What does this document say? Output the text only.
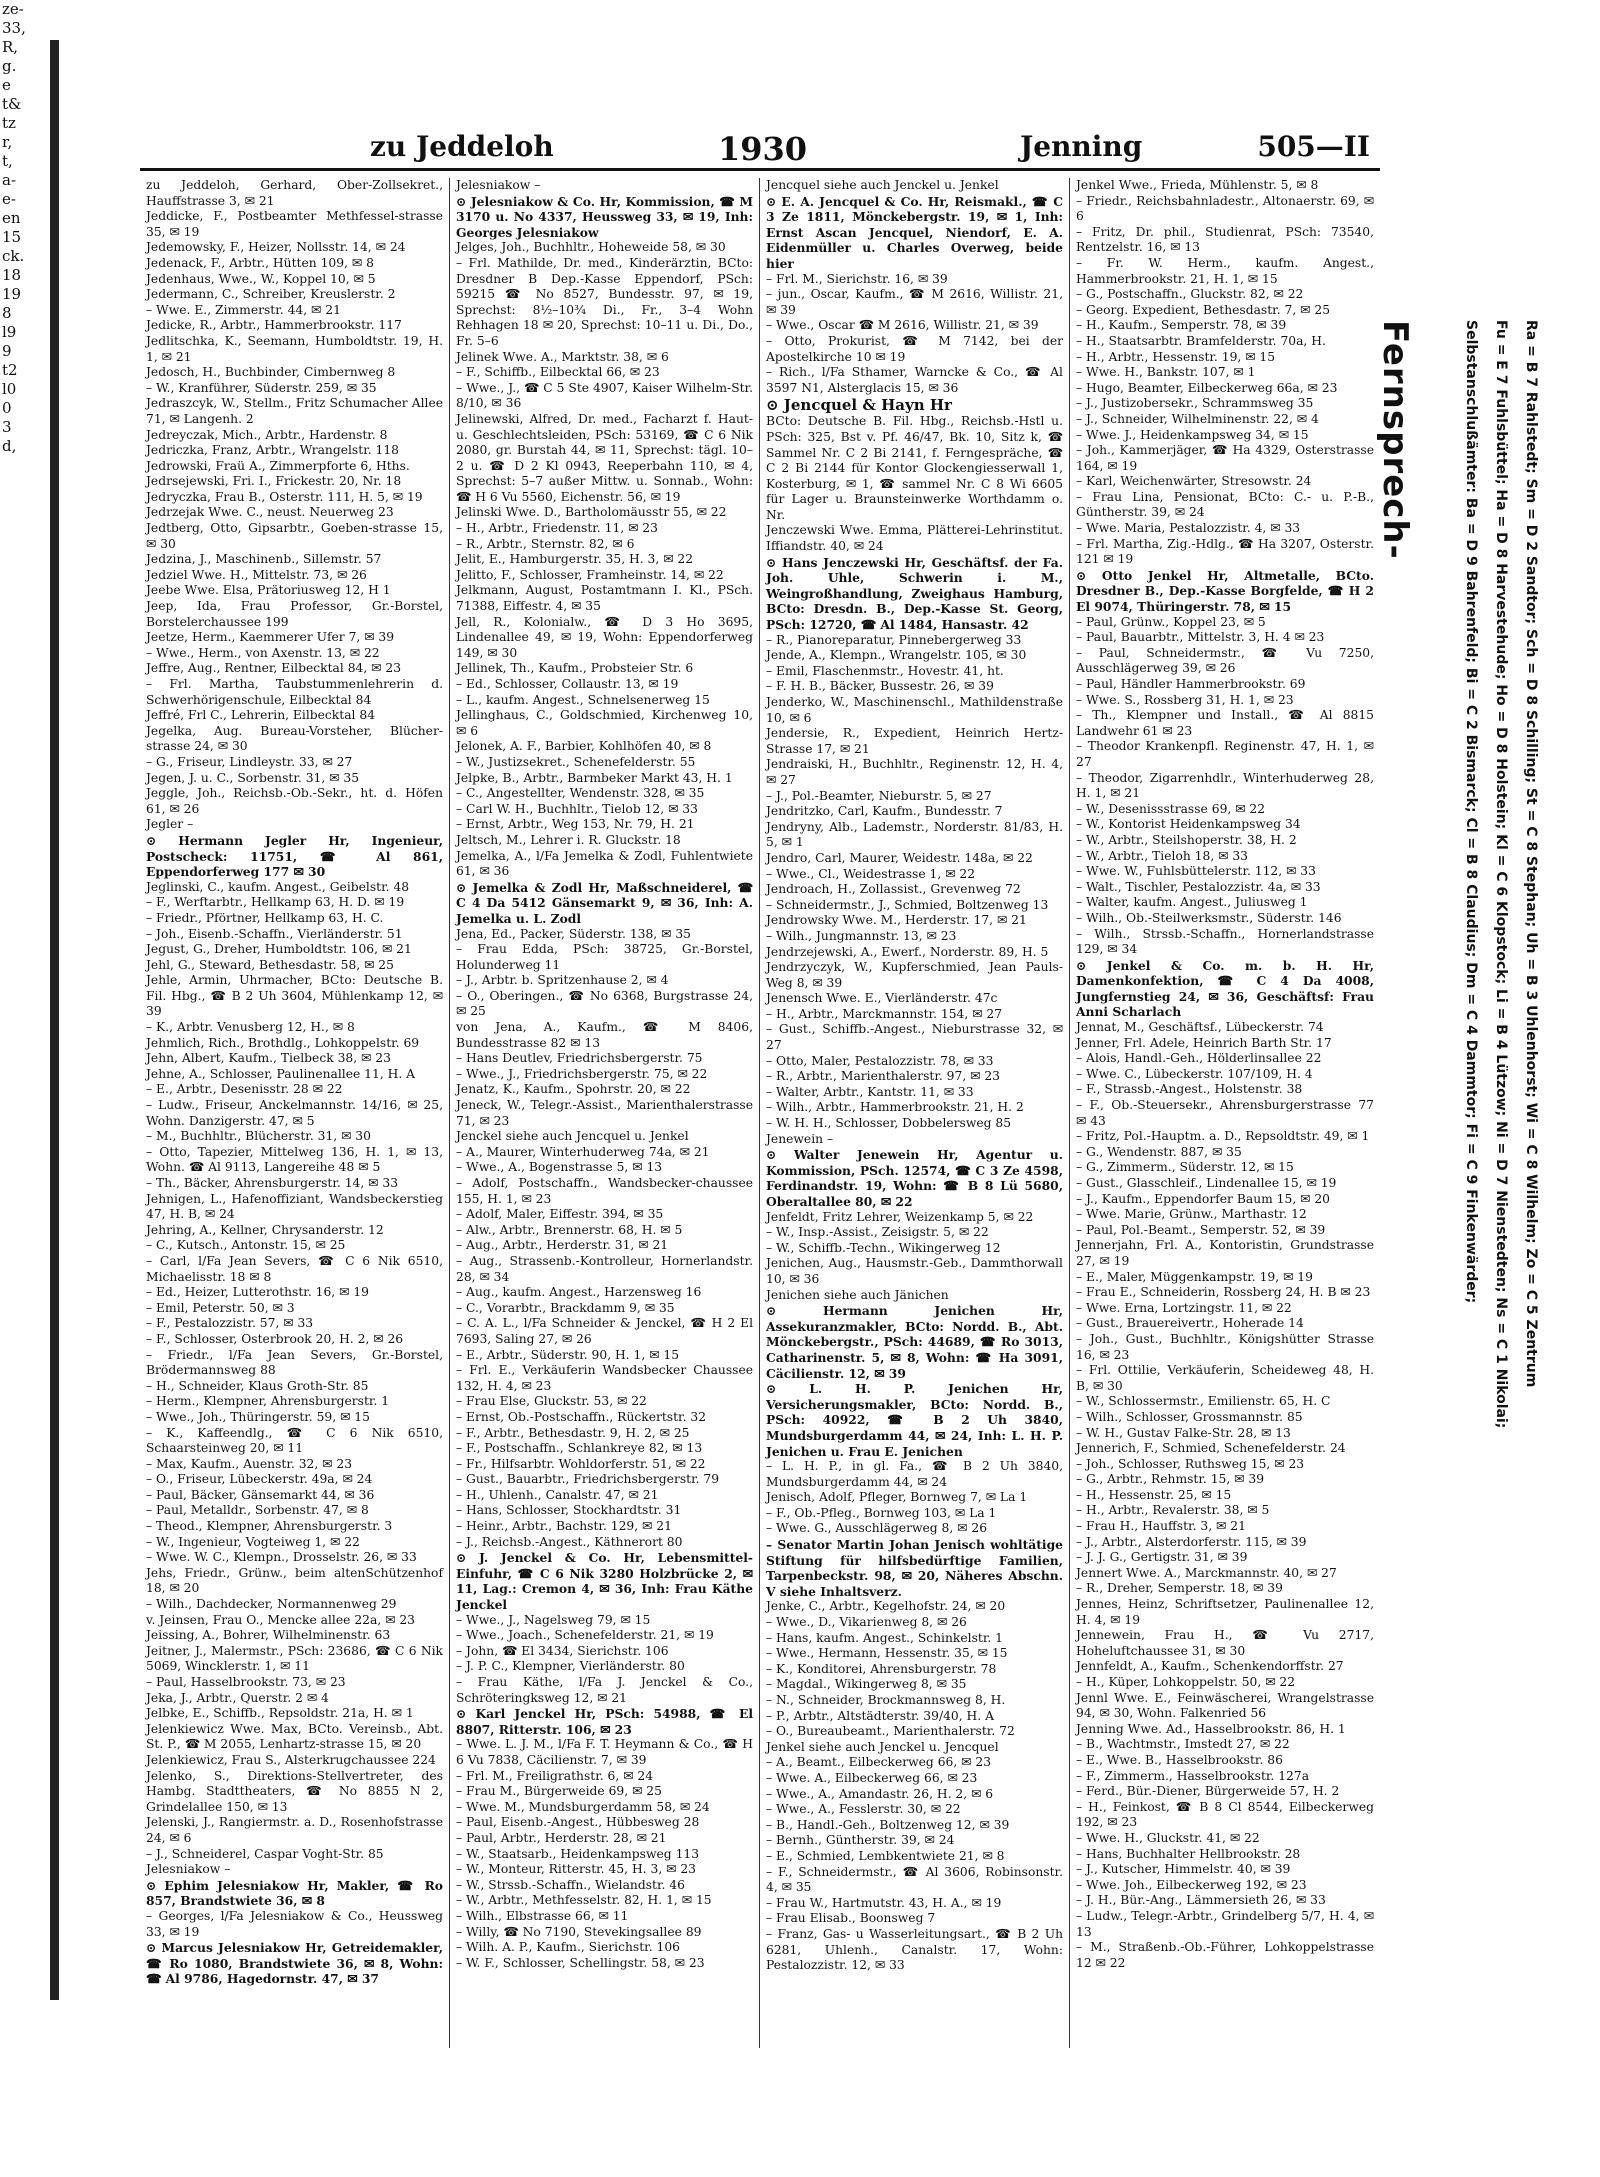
ze-
33,
R,
g.
e
t&
tz
r,
t,
a-
e-
en
15
ck.
18
19
8
l9
9
t2
l0
0
3
d,
zu Jeddeloh	1930	Jenning	505—II

zu Jeddeloh, Gerhard, Ober-Zollsekret., Hauffstrasse 3, ✉ 21

Jeddicke, F., Postbeamter Methfessel-strasse 35, ✉ 19

Jedemowsky, F., Heizer, Nollsstr. 14, ✉ 24

Jedenack, F., Arbtr., Hütten 109, ✉ 8

Jedenhaus, Wwe., W., Koppel 10, ✉ 5

Jedermann, C., Schreiber, Kreuslerstr. 2

– Wwe. E., Zimmerstr. 44, ✉ 21

Jedicke, R., Arbtr., Hammerbrookstr. 117

Jedlitschka, K., Seemann, Humboldtstr. 19, H. 1, ✉ 21

Jedosch, H., Buchbinder, Cimbernweg 8

– W., Kranführer, Süderstr. 259, ✉ 35

Jedraszcyk, W., Stellm., Fritz Schumacher Allee 71, ✉ Langenh. 2

Jedreyczak, Mich., Arbtr., Hardenstr. 8

Jedriczka, Franz, Arbtr., Wrangelstr. 118

Jedrowski, Fraü A., Zimmerpforte 6, Hths.

Jedrsejewski, Fri. I., Frickestr. 20, Nr. 18

Jedryczka, Frau B., Osterstr. 111, H. 5, ✉ 19

Jedrzejak Wwe. C., neust. Neuerweg 23

Jedtberg, Otto, Gipsarbtr., Goeben-strasse 15, ✉ 30

Jedzina, J., Maschinenb., Sillemstr. 57

Jedziel Wwe. H., Mittelstr. 73, ✉ 26

Jeebe Wwe. Elsa, Prätoriusweg 12, H 1

Jeep, Ida, Frau Professor, Gr.-Borstel, Borstelerchaussee 199

Jeetze, Herm., Kaemmerer Ufer 7, ✉ 39

– Wwe., Herm., von Axenstr. 13, ✉ 22

Jeffre, Aug., Rentner, Eilbecktal 84, ✉ 23

– Frl. Martha, Taubstummenlehrerin d. Schwerhörigenschule, Eilbecktal 84

Jeffré, Frl C., Lehrerin, Eilbecktal 84

Jegelka, Aug. Bureau-Vorsteher, Blücher-strasse 24, ✉ 30

– G., Friseur, Lindleystr. 33, ✉ 27

Jegen, J. u. C., Sorbenstr. 31, ✉ 35

Jeggle, Joh., Reichsb.-Ob.-Sekr., ht. d. Höfen 61, ✉ 26

Jegler –

⊙ Hermann Jegler Hr, Ingenieur, Postscheck: 11751, ☎ Al 861, Eppendorferweg 177 ✉ 30

Jeglinski, C., kaufm. Angest., Geibelstr. 48

– F., Werftarbtr., Hellkamp 63, H. D. ✉ 19

– Friedr., Pförtner, Hellkamp 63, H. C.

– Joh., Eisenb.-Schaffn., Vierländerstr. 51

Jegust, G., Dreher, Humboldtstr. 106, ✉ 21

Jehl, G., Steward, Bethesdastr. 58, ✉ 25

Jehle, Armin, Uhrmacher, BCto: Deutsche B. Fil. Hbg., ☎ B 2 Uh 3604, Mühlenkamp 12, ✉ 39

– K., Arbtr. Venusberg 12, H., ✉ 8

Jehmlich, Rich., Brothdlg., Lohkoppelstr. 69

Jehn, Albert, Kaufm., Tielbeck 38, ✉ 23

Jehne, A., Schlosser, Paulinenallee 11, H. A

– E., Arbtr., Desenisstr. 28 ✉ 22

– Ludw., Friseur, Anckelmannstr. 14/16, ✉ 25, Wohn. Danzigerstr. 47, ✉ 5

– M., Buchhltr., Blücherstr. 31, ✉ 30

– Otto, Tapezier, Mittelweg 136, H. 1, ✉ 13, Wohn. ☎ Al 9113, Langereihe 48 ✉ 5

– Th., Bäcker, Ahrensburgerstr. 14, ✉ 33

Jehnigen, L., Hafenoffiziant, Wandsbeckerstieg 47, H. B, ✉ 24

Jehring, A., Kellner, Chrysanderstr. 12

– C., Kutsch., Antonstr. 15, ✉ 25

– Carl, l/Fa Jean Severs, ☎ C 6 Nik 6510, Michaelisstr. 18 ✉ 8

– Ed., Heizer, Lutterothstr. 16, ✉ 19

– Emil, Peterstr. 50, ✉ 3

– F., Pestalozzistr. 57, ✉ 33

– F., Schlosser, Osterbrook 20, H. 2, ✉ 26

– Friedr., l/Fa Jean Severs, Gr.-Borstel, Brödermannsweg 88

– H., Schneider, Klaus Groth-Str. 85

– Herm., Klempner, Ahrensburgerstr. 1

– Wwe., Joh., Thüringerstr. 59, ✉ 15

– K., Kaffeendlg., ☎ C 6 Nik 6510, Schaarsteinweg 20, ✉ 11

– Max, Kaufm., Auenstr. 32, ✉ 23

– O., Friseur, Lübeckerstr. 49a, ✉ 24

– Paul, Bäcker, Gänsemarkt 44, ✉ 36

– Paul, Metalldr., Sorbenstr. 47, ✉ 8

– Theod., Klempner, Ahrensburgerstr. 3

– W., Ingenieur, Vogteiweg 1, ✉ 22

– Wwe. W. C., Klempn., Drosselstr. 26, ✉ 33

Jehs, Friedr., Grünw., beim altenSchützenhof 18, ✉ 20

– Wilh., Dachdecker, Normannenweg 29

v. Jeinsen, Frau O., Mencke allee 22a, ✉ 23

Jeissing, A., Bohrer, Wilhelminenstr. 63

Jeitner, J., Malermstr., PSch: 23686, ☎ C 6 Nik 5069, Wincklerstr. 1, ✉ 11

– Paul, Hasselbrookstr. 73, ✉ 23

Jeka, J., Arbtr., Querstr. 2 ✉ 4

Jelbke, E., Schiffb., Repsoldstr. 21a, H. ✉ 1

Jelenkiewicz Wwe. Max, BCto. Vereinsb., Abt. St. P., ☎ M 2055, Lenhartz-strasse 15, ✉ 20

Jelenkiewicz, Frau S., Alsterkrugchaussee 224

Jelenko, S., Direktions-Stellvertreter, des Hambg. Stadttheaters, ☎ No 8855 N 2, Grindelallee 150, ✉ 13

Jelenski, J., Rangiermstr. a. D., Rosenhofstrasse 24, ✉ 6

– J., Schneiderel, Caspar Voght-Str. 85

Jelesniakow –

⊙ Ephim Jelesniakow Hr, Makler, ☎ Ro 857, Brandstwiete 36, ✉ 8

– Georges, l/Fa Jelesniakow & Co., Heussweg 33, ✉ 19

⊙ Marcus Jelesniakow Hr, Getreidemakler, ☎ Ro 1080, Brandstwiete 36, ✉ 8, Wohn: ☎ Al 9786, Hagedornstr. 47, ✉ 37

Jelesniakow –

⊙ Jelesniakow & Co. Hr, Kommission, ☎ M 3170 u. No 4337, Heussweg 33, ✉ 19, Inh: Georges Jelesniakow

Jelges, Joh., Buchhltr., Hoheweide 58, ✉ 30

– Frl. Mathilde, Dr. med., Kinderärztin, BCto: Dresdner B Dep.-Kasse Eppendorf, PSch: 59215 ☎ No 8527, Bundesstr. 97, ✉ 19, Sprechst: 8½–10¾ Di., Fr., 3–4 Wohn Rehhagen 18 ✉ 20, Sprechst: 10–11 u. Di., Do., Fr. 5–6

Jelinek Wwe. A., Marktstr. 38, ✉ 6

– F., Schiffb., Eilbecktal 66, ✉ 23

– Wwe., J., ☎ C 5 Ste 4907, Kaiser Wilhelm-Str. 8/10, ✉ 36

Jelinewski, Alfred, Dr. med., Facharzt f. Haut- u. Geschlechtsleiden, PSch: 53169, ☎ C 6 Nik 2080, gr. Burstah 44, ✉ 11, Sprechst: tägl. 10–2 u. ☎ D 2 Kl 0943, Reeperbahn 110, ✉ 4, Sprechst: 5–7 außer Mittw. u. Sonnab., Wohn: ☎ H 6 Vu 5560, Eichenstr. 56, ✉ 19

Jelinski Wwe. D., Bartholomäusstr 55, ✉ 22

– H., Arbtr., Friedenstr. 11, ✉ 23

– R., Arbtr., Sternstr. 82, ✉ 6

Jelit, E., Hamburgerstr. 35, H. 3, ✉ 22

Jelitto, F., Schlosser, Framheinstr. 14, ✉ 22

Jelkmann, August, Postamtmann I. Kl., PSch. 71388, Eiffestr. 4, ✉ 35

Jell, R., Kolonialw., ☎ D 3 Ho 3695, Lindenallee 49, ✉ 19, Wohn: Eppendorferweg 149, ✉ 30

Jellinek, Th., Kaufm., Probsteier Str. 6

– Ed., Schlosser, Collaustr. 13, ✉ 19

– L., kaufm. Angest., Schnelsenerweg 15

Jellinghaus, C., Goldschmied, Kirchenweg 10, ✉ 6

Jelonek, A. F., Barbier, Kohlhöfen 40, ✉ 8

– W., Justizsekret., Schenefelderstr. 55

Jelpke, B., Arbtr., Barmbeker Markt 43, H. 1

– C., Angestellter, Wendenstr. 328, ✉ 35

– Carl W. H., Buchhltr., Tielob 12, ✉ 33

– Ernst, Arbtr., Weg 153, Nr. 79, H. 21

Jeltsch, M., Lehrer i. R. Gluckstr. 18

Jemelka, A., l/Fa Jemelka & Zodl, Fuhlentwiete 61, ✉ 36

⊙ Jemelka & Zodl Hr, Maßschneiderel, ☎ C 4 Da 5412 Gänsemarkt 9, ✉ 36, Inh: A. Jemelka u. L. Zodl

Jena, Ed., Packer, Süderstr. 138, ✉ 35

– Frau Edda, PSch: 38725, Gr.-Borstel, Holunderweg 11

– J., Arbtr. b. Spritzenhause 2, ✉ 4

– O., Oberingen., ☎ No 6368, Burgstrasse 24, ✉ 25

von Jena, A., Kaufm., ☎ M 8406, Bundesstrasse 82 ✉ 13

– Hans Deutlev, Friedrichsbergerstr. 75

– Wwe., J., Friedrichsbergerstr. 75, ✉ 22

Jenatz, K., Kaufm., Spohrstr. 20, ✉ 22

Jeneck, W., Telegr.-Assist., Marienthalerstrasse 71, ✉ 23

Jenckel siehe auch Jencquel u. Jenkel

– A., Maurer, Winterhuderweg 74a, ✉ 21

– Wwe., A., Bogenstrasse 5, ✉ 13

– Adolf, Postschaffn., Wandsbecker-chaussee 155, H. 1, ✉ 23

– Adolf, Maler, Eiffestr. 394, ✉ 35

– Alw., Arbtr., Brennerstr. 68, H. ✉ 5

– Aug., Arbtr., Herderstr. 31, ✉ 21

– Aug., Strassenb.-Kontrolleur, Hornerlandstr. 28, ✉ 34

– Aug., kaufm. Angest., Harzensweg 16

– C., Vorarbtr., Brackdamm 9, ✉ 35

– C. A. L., l/Fa Schneider & Jenckel, ☎ H 2 El 7693, Saling 27, ✉ 26

– E., Arbtr., Süderstr. 90, H. 1, ✉ 15

– Frl. E., Verkäuferin Wandsbecker Chaussee 132, H. 4, ✉ 23

– Frau Else, Gluckstr. 53, ✉ 22

– Ernst, Ob.-Postschaffn., Rückertstr. 32

– F., Arbtr., Bethesdastr. 9, H. 2, ✉ 25

– F., Postschaffn., Schlankreye 82, ✉ 13

– Fr., Hilfsarbtr. Wohldorferstr. 51, ✉ 22

– Gust., Bauarbtr., Friedrichsbergerstr. 79

– H., Uhlenh., Canalstr. 47, ✉ 21

– Hans, Schlosser, Stockhardtstr. 31

– Heinr., Arbtr., Bachstr. 129, ✉ 21

– J., Reichsb.-Angest., Käthnerort 80

⊙ J. Jenckel & Co. Hr, Lebensmittel-Einfuhr, ☎ C 6 Nik 3280 Holzbrücke 2, ✉ 11, Lag.: Cremon 4, ✉ 36, Inh: Frau Käthe Jenckel

– Wwe., J., Nagelsweg 79, ✉ 15

– Wwe., Joach., Schenefelderstr. 21, ✉ 19

– John, ☎ El 3434, Sierichstr. 106

– J. P. C., Klempner, Vierländerstr. 80

– Frau Käthe, l/Fa J. Jenckel & Co., Schröteringksweg 12, ✉ 21

⊙ Karl Jenckel Hr, PSch: 54988, ☎ El 8807, Ritterstr. 106, ✉ 23

– Wwe. L. J. M., l/Fa F. T. Heymann & Co., ☎ H 6 Vu 7838, Cäcilienstr. 7, ✉ 39

– Frl. M., Freiligrathstr. 6, ✉ 24

– Frau M., Bürgerweide 69, ✉ 25

– Wwe. M., Mundsburgerdamm 58, ✉ 24

– Paul, Eisenb.-Angest., Hübbesweg 28

– Paul, Arbtr., Herderstr. 28, ✉ 21

– W., Staatsarb., Heidenkampsweg 113

– W., Monteur, Ritterstr. 45, H. 3, ✉ 23

– W., Strssb.-Schaffn., Wielandstr. 46

– W., Arbtr., Methfesselstr. 82, H. 1, ✉ 15

– Wilh., Elbstrasse 66, ✉ 11

– Willy, ☎ No 7190, Stevekingsallee 89

– Wilh. A. P., Kaufm., Sierichstr. 106

– W. F., Schlosser, Schellingstr. 58, ✉ 23

Jencquel siehe auch Jenckel u. Jenkel

⊙ E. A. Jencquel & Co. Hr, Reismakl., ☎ C 3 Ze 1811, Mönckebergstr. 19, ✉ 1, Inh: Ernst Ascan Jencquel, Niendorf, E. A. Eidenmüller u. Charles Overweg, beide hier

– Frl. M., Sierichstr. 16, ✉ 39

– jun., Oscar, Kaufm., ☎ M 2616, Willistr. 21, ✉ 39

– Wwe., Oscar ☎ M 2616, Willistr. 21, ✉ 39

– Otto, Prokurist, ☎ M 7142, bei der Apostelkirche 10 ✉ 19

– Rich., l/Fa Sthamer, Warncke & Co., ☎ Al 3597 N1, Alsterglacis 15, ✉ 36

⊙ Jencquel & Hayn Hr

BCto: Deutsche B. Fil. Hbg., Reichsb.-Hstl u. PSch: 325, Bst v. Pf. 46/47, Bk. 10, Sitz k, ☎ Sammel Nr. C 2 Bi 2141, f. Ferngespräche, ☎ C 2 Bi 2144 für Kontor Glockengiesserwall 1, Kosterburg, ✉ 1, ☎ sammel Nr. C 8 Wi 6605 für Lager u. Braunsteinwerke Worthdamm o. Nr.

Jenczewski Wwe. Emma, Plätterei-Lehrinstitut. Iffiandstr. 40, ✉ 24

⊙ Hans Jenczewski Hr, Geschäftsf. der Fa. Joh. Uhle, Schwerin i. M., Weingroßhandlung, Zweighaus Hamburg, BCto: Dresdn. B., Dep.-Kasse St. Georg, PSch: 12720, ☎ Al 1484, Hansastr. 42

– R., Pianoreparatur, Pinnebergerweg 33

Jende, A., Klempn., Wrangelstr. 105, ✉ 30

– Emil, Flaschenmstr., Hovestr. 41, ht.

– F. H. B., Bäcker, Bussestr. 26, ✉ 39

Jenderko, W., Maschinenschl., Mathildenstraße 10, ✉ 6

Jendersie, R., Expedient, Heinrich Hertz-Strasse 17, ✉ 21

Jendraiski, H., Buchhltr., Reginenstr. 12, H. 4, ✉ 27

– J., Pol.-Beamter, Nieburstr. 5, ✉ 27

Jendritzko, Carl, Kaufm., Bundesstr. 7

Jendryny, Alb., Lademstr., Norderstr. 81/83, H. 5, ✉ 1

Jendro, Carl, Maurer, Weidestr. 148a, ✉ 22

– Wwe., Cl., Weidestrasse 1, ✉ 22

Jendroach, H., Zollassist., Grevenweg 72

– Schneidermstr., J., Schmied, Boltzenweg 13

Jendrowsky Wwe. M., Herderstr. 17, ✉ 21

– Wilh., Jungmannstr. 13, ✉ 23

Jendrzejewski, A., Ewerf., Norderstr. 89, H. 5

Jendrzyczyk, W., Kupferschmied, Jean Pauls-Weg 8, ✉ 39

Jenensch Wwe. E., Vierländerstr. 47c

– H., Arbtr., Marckmannstr. 154, ✉ 27

– Gust., Schiffb.-Angest., Nieburstrasse 32, ✉ 27

– Otto, Maler, Pestalozzistr. 78, ✉ 33

– R., Arbtr., Marienthalerstr. 97, ✉ 23

– Walter, Arbtr., Kantstr. 11, ✉ 33

– Wilh., Arbtr., Hammerbrookstr. 21, H. 2

– W. H. H., Schlosser, Dobbelersweg 85

Jenewein –

⊙ Walter Jenewein Hr, Agentur u. Kommission, PSch. 12574, ☎ C 3 Ze 4598, Ferdinandstr. 19, Wohn: ☎ B 8 Lü 5680, Oberaltallee 80, ✉ 22

Jenfeldt, Fritz Lehrer, Weizenkamp 5, ✉ 22

– W., Insp.-Assist., Zeisigstr. 5, ✉ 22

– W., Schiffb.-Techn., Wikingerweg 12

Jenichen, Aug., Hausmstr.-Geb., Dammthorwall 10, ✉ 36

Jenichen siehe auch Jänichen

⊙ Hermann Jenichen Hr, Assekuranzmakler, BCto: Nordd. B., Abt. Mönckebergstr., PSch: 44689, ☎ Ro 3013, Catharinenstr. 5, ✉ 8, Wohn: ☎ Ha 3091, Cäcilienstr. 12, ✉ 39

⊙ L. H. P. Jenichen Hr, Versicherungsmakler, BCto: Nordd. B., PSch: 40922, ☎ B 2 Uh 3840, Mundsburgerdamm 44, ✉ 24, Inh: L. H. P. Jenichen u. Frau E. Jenichen

– L. H. P., in gl. Fa., ☎ B 2 Uh 3840, Mundsburgerdamm 44, ✉ 24

Jenisch, Adolf, Pfleger, Bornweg 7, ✉ La 1

– F., Ob.-Pfleg., Bornweg 103, ✉ La 1

– Wwe. G., Ausschlägerweg 8, ✉ 26

– Senator Martin Johan Jenisch wohltätige Stiftung für hilfsbedürftige Familien, Tarpenbeckstr. 98, ✉ 20, Näheres Abschn. V siehe Inhaltsverz.

Jenke, C., Arbtr., Kegelhofstr. 24, ✉ 20

– Wwe., D., Vikarienweg 8, ✉ 26

– Hans, kaufm. Angest., Schinkelstr. 1

– Wwe., Hermann, Hessenstr. 35, ✉ 15

– K., Konditorei, Ahrensburgerstr. 78

– Magdal., Wikingerweg 8, ✉ 35

– N., Schneider, Brockmannsweg 8, H.

– P., Arbtr., Altstädterstr. 39/40, H. A

– O., Bureaubeamt., Marienthalerstr. 72

Jenkel siehe auch Jenckel u. Jencquel

– A., Beamt., Eilbeckerweg 66, ✉ 23

– Wwe. A., Eilbeckerweg 66, ✉ 23

– Wwe., A., Amandastr. 26, H. 2, ✉ 6

– Wwe., A., Fesslerstr. 30, ✉ 22

– B., Handl.-Geh., Boltzenweg 12, ✉ 39

– Bernh., Güntherstr. 39, ✉ 24

– E., Schmied, Lembkentwiete 21, ✉ 8

– F., Schneidermstr., ☎ Al 3606, Robinsonstr. 4, ✉ 35

– Frau W., Hartmutstr. 43, H. A., ✉ 19

– Frau Elisab., Boonsweg 7

– Franz, Gas- u Wasserleitungsart., ☎ B 2 Uh 6281, Uhlenh., Canalstr. 17, Wohn: Pestalozzistr. 12, ✉ 33

Jenkel Wwe., Frieda, Mühlenstr. 5, ✉ 8

– Friedr., Reichsbahnladestr., Altonaerstr. 69, ✉ 6

– Fritz, Dr. phil., Studienrat, PSch: 73540, Rentzelstr. 16, ✉ 13

– Fr. W. Herm., kaufm. Angest., Hammerbrookstr. 21, H. 1, ✉ 15

– G., Postschaffn., Gluckstr. 82, ✉ 22

– Georg. Expedient, Bethesdastr. 7, ✉ 25

– H., Kaufm., Semperstr. 78, ✉ 39

– H., Staatsarbtr. Bramfelderstr. 70a, H.

– H., Arbtr., Hessenstr. 19, ✉ 15

– Wwe. H., Bankstr. 107, ✉ 1

– Hugo, Beamter, Eilbeckerweg 66a, ✉ 23

– J., Justizobersekr., Schrammsweg 35

– J., Schneider, Wilhelminenstr. 22, ✉ 4

– Wwe. J., Heidenkampsweg 34, ✉ 15

– Joh., Kammerjäger, ☎ Ha 4329, Osterstrasse 164, ✉ 19

– Karl, Weichenwärter, Stresowstr. 24

– Frau Lina, Pensionat, BCto: C.- u. P.-B., Güntherstr. 39, ✉ 24

– Wwe. Maria, Pestalozzistr. 4, ✉ 33

– Frl. Martha, Zig.-Hdlg., ☎ Ha 3207, Osterstr. 121 ✉ 19

⊙ Otto Jenkel Hr, Altmetalle, BCto. Dresdner B., Dep.-Kasse Borgfelde, ☎ H 2 El 9074, Thüringerstr. 78, ✉ 15

– Paul, Grünw., Koppel 23, ✉ 5

– Paul, Bauarbtr., Mittelstr. 3, H. 4 ✉ 23

– Paul, Schneidermstr., ☎ Vu 7250, Ausschlägerweg 39, ✉ 26

– Paul, Händler Hammerbrookstr. 69

– Wwe. S., Rossberg 31, H. 1, ✉ 23

– Th., Klempner und Install., ☎ Al 8815 Landwehr 61 ✉ 23

– Theodor Krankenpfl. Reginenstr. 47, H. 1, ✉ 27

– Theodor, Zigarrenhdlr., Winterhuderweg 28, H. 1, ✉ 21

– W., Desenissstrasse 69, ✉ 22

– W., Kontorist Heidenkampsweg 34

– W., Arbtr., Steilshoperstr. 38, H. 2

– W., Arbtr., Tieloh 18, ✉ 33

– Wwe. W., Fuhlsbüttelerstr. 112, ✉ 33

– Walt., Tischler, Pestalozzistr. 4a, ✉ 33

– Walter, kaufm. Angest., Juliusweg 1

– Wilh., Ob.-Steilwerksmstr., Süderstr. 146

– Wilh., Strssb.-Schaffn., Hornerlandstrasse 129, ✉ 34

⊙ Jenkel & Co. m. b. H. Hr, Damenkonfektion, ☎ C 4 Da 4008, Jungfernstieg 24, ✉ 36, Geschäftsf: Frau Anni Scharlach

Jennat, M., Geschäftsf., Lübeckerstr. 74

Jenner, Frl. Adele, Heinrich Barth Str. 17

– Alois, Handl.-Geh., Hölderlinsallee 22

– Wwe. C., Lübeckerstr. 107/109, H. 4

– F., Strassb.-Angest., Holstenstr. 38

– F., Ob.-Steuersekr., Ahrensburgerstrasse 77 ✉ 43

– Fritz, Pol.-Hauptm. a. D., Repsoldtstr. 49, ✉ 1

– G., Wendenstr. 887, ✉ 35

– G., Zimmerm., Süderstr. 12, ✉ 15

– Gust., Glasschleif., Lindenallee 15, ✉ 19

– J., Kaufm., Eppendorfer Baum 15, ✉ 20

– Wwe. Marie, Grünw., Marthastr. 12

– Paul, Pol.-Beamt., Semperstr. 52, ✉ 39

Jennerjahn, Frl. A., Kontoristin, Grundstrasse 27, ✉ 19

– E., Maler, Müggenkampstr. 19, ✉ 19

– Frau E., Schneiderin, Rossberg 24, H. B ✉ 23

– Wwe. Erna, Lortzingstr. 11, ✉ 22

– Gust., Brauereivertr., Hoherade 14

– Joh., Gust., Buchhltr., Königshütter Strasse 16, ✉ 23

– Frl. Ottilie, Verkäuferin, Scheideweg 48, H. B, ✉ 30

– W., Schlossermstr., Emilienstr. 65, H. C

– Wilh., Schlosser, Grossmannstr. 85

– W. H., Gustav Falke-Str. 28, ✉ 13

Jennerich, F., Schmied, Schenefelderstr. 24

– Joh., Schlosser, Ruthsweg 15, ✉ 23

– G., Arbtr., Rehmstr. 15, ✉ 39

– H., Hessenstr. 25, ✉ 15

– H., Arbtr., Revalerstr. 38, ✉ 5

– Frau H., Hauffstr. 3, ✉ 21

– J., Arbtr., Alsterdorferstr. 115, ✉ 39

– J. J. G., Gertigstr. 31, ✉ 39

Jennert Wwe. A., Marckmannstr. 40, ✉ 27

– R., Dreher, Semperstr. 18, ✉ 39

Jennes, Heinz, Schriftsetzer, Paulinenallee 12, H. 4, ✉ 19

Jennewein, Frau H., ☎ Vu 2717, Hoheluftchaussee 31, ✉ 30

Jennfeldt, A., Kaufm., Schenkendorffstr. 27

– H., Küper, Lohkoppelstr. 50, ✉ 22

Jennl Wwe. E., Feinwäscherei, Wrangelstrasse 94, ✉ 30, Wohn. Falkenried 56

Jenning Wwe. Ad., Hasselbrookstr. 86, H. 1

– B., Wachtmstr., Imstedt 27, ✉ 22

– E., Wwe. B., Hasselbrookstr. 86

– F., Zimmerm., Hasselbrookstr. 127a

– Ferd., Bür.-Diener, Bürgerweide 57, H. 2

– H., Feinkost, ☎ B 8 Cl 8544, Eilbeckerweg 192, ✉ 23

– Wwe. H., Gluckstr. 41, ✉ 22

– Hans, Buchhalter Hellbrookstr. 28

– J., Kutscher, Himmelstr. 40, ✉ 39

– Wwe. Joh., Eilbeckerweg 192, ✉ 23

– J. H., Bür.-Ang., Lämmersieth 26, ✉ 33

– Ludw., Telegr.-Arbtr., Grindelberg 5/7, H. 4, ✉ 13

– M., Straßenb.-Ob.-Führer, Lohkoppelstrasse 12 ✉ 22

Fernsprech-	Selbstanschlußämter: Ba = D 9 Bahrenfeld; Bi = C 2 Bismarck; Cl = B 8 Claudius; Dm = C 4 Dammtor; Fi = C 9 Finkenwärder; Fu = E 7 Fuhlsbüttel; Ha = D 8 Harvestehude; Ho = D 8 Holstein; Kl = C 6 Klopstock; Li = B 4 Lützow; Ni = D 7 Nienstedten; Ns = C 1 Nikolai; Ra = B 7 Rahlstedt; Sm = D 2 Sandtor; Sch = D 8 Schilling; St = C 8 Stephan; Uh = B 3 Uhlenhorst; Wi = C 8 Wilhelm; Zo = C 5 Zentrum
